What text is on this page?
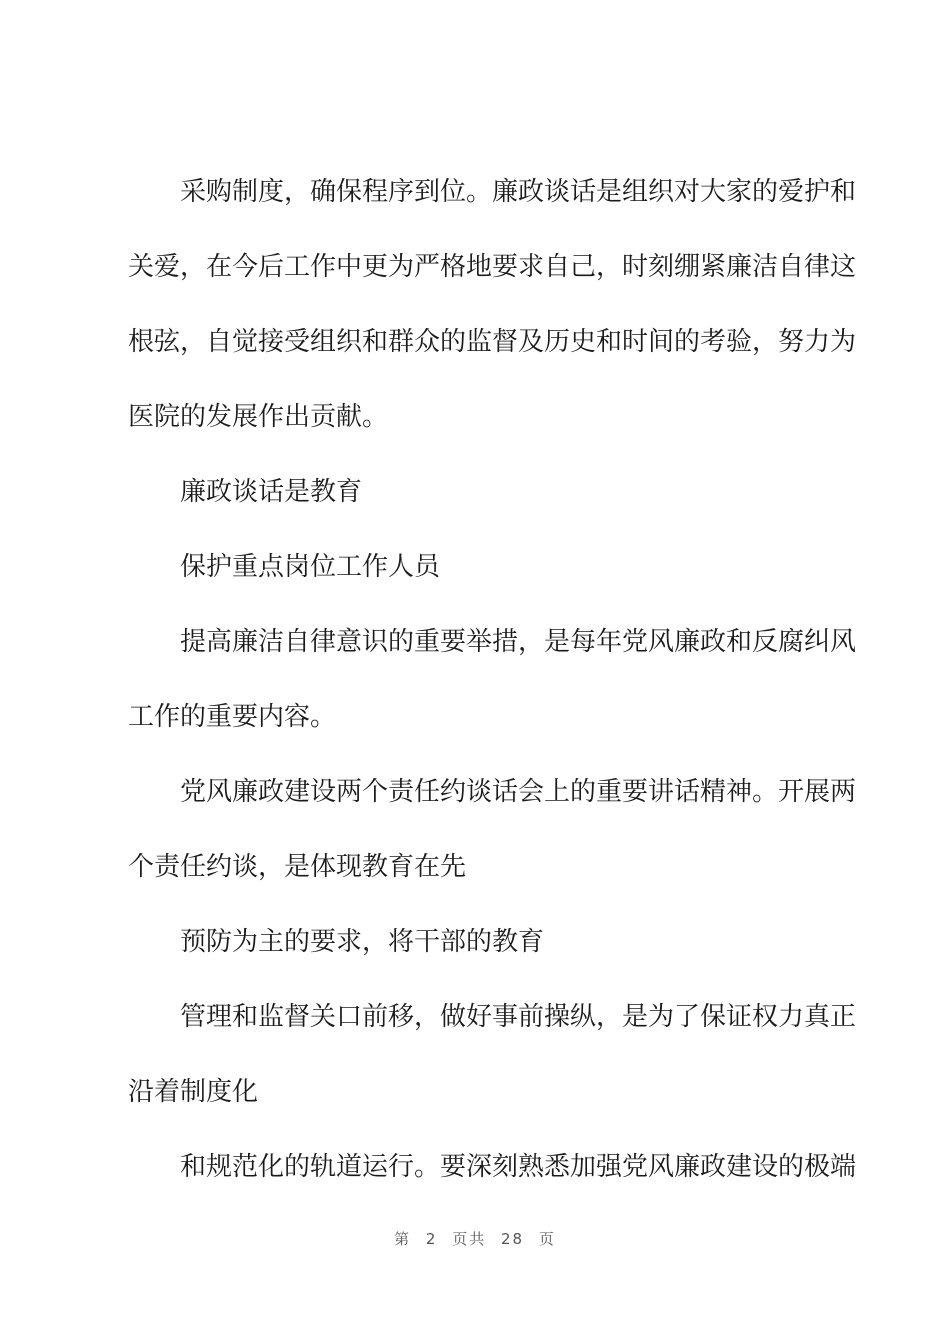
采购制度，确保程序到位。廉政谈话是组织对大家的爱护和
关爱，在今后工作中更为严格地要求自己，时刻绷紧廉洁自律这
根弦，自觉接受组织和群众的监督及历史和时间的考验，努力为
医院的发展作出贡献。
廉政谈话是教育
保护重点岗位工作人员
提高廉洁自律意识的重要举措，是每年党风廉政和反腐纠风
工作的重要内容。
党风廉政建设两个责任约谈话会上的重要讲话精神。开展两
个责任约谈，是体现教育在先
预防为主的要求，将干部的教育
管理和监督关口前移，做好事前操纵，是为了保证权力真正
沿着制度化
和规范化的轨道运行。要深刻熟悉加强党风廉政建设的极端
第 2 页共 28 页
